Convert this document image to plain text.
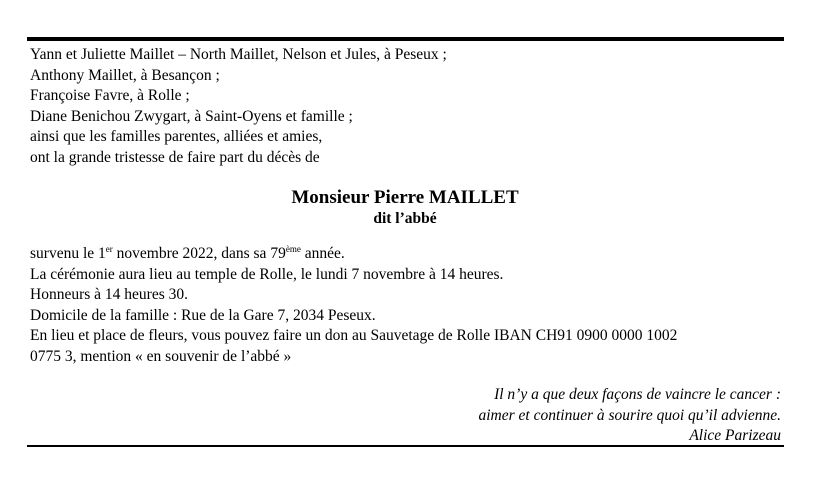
Yann et Juliette Maillet – North Maillet, Nelson et Jules, à Peseux ;
Anthony Maillet, à Besançon ;
Françoise Favre, à Rolle ;
Diane Benichou Zwygart, à Saint-Oyens et famille ;
ainsi que les familles parentes, alliées et amies,
ont la grande tristesse de faire part du décès de
Monsieur Pierre MAILLET
dit l’abbé
survenu le 1er novembre 2022, dans sa 79ème année.
La cérémonie aura lieu au temple de Rolle, le lundi 7 novembre à 14 heures.
Honneurs à 14 heures 30.
Domicile de la famille : Rue de la Gare 7, 2034 Peseux.
En lieu et place de fleurs, vous pouvez faire un don au Sauvetage de Rolle IBAN CH91 0900 0000 1002
0775 3, mention « en souvenir de l’abbé »
Il n’y a que deux façons de vaincre le cancer :
aimer et continuer à sourire quoi qu’il advienne.
Alice Parizeau
